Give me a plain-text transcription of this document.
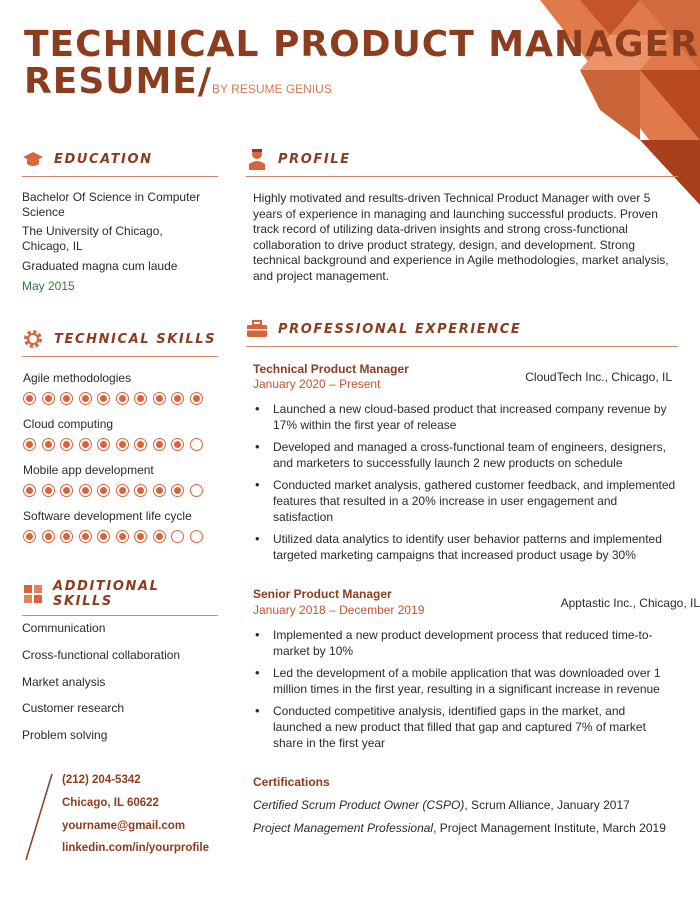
TECHNICAL PRODUCT MANAGER
RESUME/BY RESUME GENIUS
EDUCATION
Bachelor Of Science in Computer Science
The University of Chicago, Chicago, IL
Graduated magna cum laude
May 2015
PROFILE
Highly motivated and results-driven Technical Product Manager with over 5 years of experience in managing and launching successful products. Proven track record of utilizing data-driven insights and strong cross-functional collaboration to drive product strategy, design, and development. Strong technical background and experience in Agile methodologies, market analysis, and project management.
TECHNICAL SKILLS
Agile methodologies
Cloud computing
Mobile app development
Software development life cycle
ADDITIONAL SKILLS
Communication
Cross-functional collaboration
Market analysis
Customer research
Problem solving
(212) 204-5342
Chicago, IL 60622
yourname@gmail.com
linkedin.com/in/yourprofile
PROFESSIONAL EXPERIENCE
Technical Product Manager
January 2020 – Present	CloudTech Inc., Chicago, IL
• Launched a new cloud-based product that increased company revenue by 17% within the first year of release
• Developed and managed a cross-functional team of engineers, designers, and marketers to successfully launch 2 new products on schedule
• Conducted market analysis, gathered customer feedback, and implemented features that resulted in a 20% increase in user engagement and satisfaction
• Utilized data analytics to identify user behavior patterns and implemented targeted marketing campaigns that increased product usage by 30%
Senior Product Manager
January 2018 – December 2019	Apptastic Inc., Chicago, IL
• Implemented a new product development process that reduced time-to-market by 10%
• Led the development of a mobile application that was downloaded over 1 million times in the first year, resulting in a significant increase in revenue
• Conducted competitive analysis, identified gaps in the market, and launched a new product that filled that gap and captured 7% of market share in the first year
Certifications
Certified Scrum Product Owner (CSPO), Scrum Alliance, January 2017
Project Management Professional, Project Management Institute, March 2019
